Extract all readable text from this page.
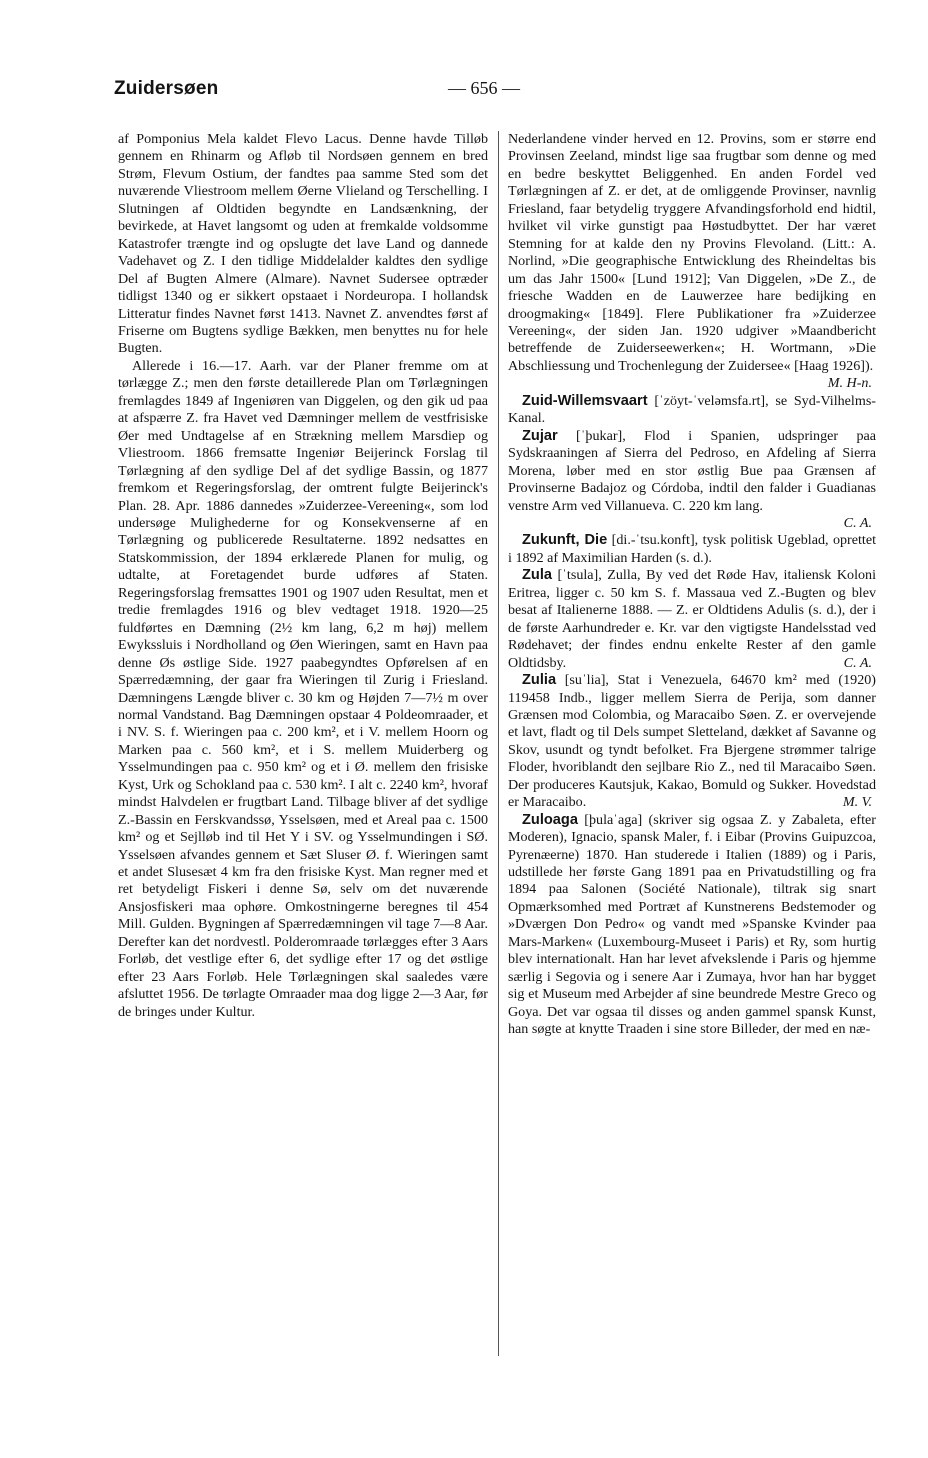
Zuidersøen	— 656 —

af Pomponius Mela kaldet Flevo Lacus. Denne havde Tilløb gennem en Rhinarm og Afløb til Nordsøen gennem en bred Strøm, Flevum Ostium, der fandtes paa samme Sted som det nuværende Vliestroom mellem Øerne Vlieland og Terschelling. I Slutningen af Oldtiden begyndte en Landsænkning, der bevirkede, at Havet langsomt og uden at fremkalde voldsomme Katastrofer trængte ind og opslugte det lave Land og dannede Vadehavet og Z. I den tidlige Middelalder kaldtes den sydlige Del af Bugten Almere (Almare). Navnet Sudersee optræder tidligst 1340 og er sikkert opstaaet i Nordeuropa. I hollandsk Litteratur findes Navnet først 1413. Navnet Z. anvendtes først af Friserne om Bugtens sydlige Bækken, men benyttes nu for hele Bugten.

Allerede i 16.—17. Aarh. var der Planer fremme om at tørlægge Z.; men den første detaillerede Plan om Tørlægningen fremlagdes 1849 af Ingeniøren van Diggelen, og den gik ud paa at afspærre Z. fra Havet ved Dæmninger mellem de vestfrisiske Øer med Undtagelse af en Strækning mellem Marsdiep og Vliestroom. 1866 fremsatte Ingeniør Beijerinck Forslag til Tørlægning af den sydlige Del af det sydlige Bassin, og 1877 fremkom et Regeringsforslag, der omtrent fulgte Beijerinck's Plan. 28. Apr. 1886 dannedes »Zuiderzee-Vereening«, som lod undersøge Mulighederne for og Konsekvenserne af en Tørlægning og publicerede Resultaterne. 1892 nedsattes en Statskommission, der 1894 erklærede Planen for mulig, og udtalte, at Foretagendet burde udføres af Staten. Regeringsforslag fremsattes 1901 og 1907 uden Resultat, men et tredie fremlagdes 1916 og blev vedtaget 1918. 1920—25 fuldførtes en Dæmning (2½ km lang, 6,2 m høj) mellem Ewykssluis i Nordholland og Øen Wieringen, samt en Havn paa denne Øs østlige Side. 1927 paabegyndtes Opførelsen af en Spærredæmning, der gaar fra Wieringen til Zurig i Friesland. Dæmningens Længde bliver c. 30 km og Højden 7—7½ m over normal Vandstand. Bag Dæmningen opstaar 4 Poldeomraader, et i NV. S. f. Wieringen paa c. 200 km², et i V. mellem Hoorn og Marken paa c. 560 km², et i S. mellem Muiderberg og Ysselmundingen paa c. 950 km² og et i Ø. mellem den frisiske Kyst, Urk og Schokland paa c. 530 km². I alt c. 2240 km², hvoraf mindst Halvdelen er frugtbart Land. Tilbage bliver af det sydlige Z.-Bassin en Ferskvandssø, Ysselsøen, med et Areal paa c. 1500 km² og et Sejlløb ind til Het Y i SV. og Ysselmundingen i SØ. Ysselsøen afvandes gennem et Sæt Sluser Ø. f. Wieringen samt et andet Slusesæt 4 km fra den frisiske Kyst. Man regner med et ret betydeligt Fiskeri i denne Sø, selv om det nuværende Ansjosfiskeri maa ophøre. Omkostningerne beregnes til 454 Mill. Gulden. Bygningen af Spærredæmningen vil tage 7—8 Aar. Derefter kan det nordvestl. Polderomraade tørlægges efter 3 Aars Forløb, det vestlige efter 6, det sydlige efter 17 og det østlige efter 23 Aars Forløb. Hele Tørlægningen skal saaledes være afsluttet 1956. De tørlagte Omraader maa dog ligge 2—3 Aar, før de bringes under Kultur.

Nederlandene vinder herved en 12. Provins, som er større end Provinsen Zeeland, mindst lige saa frugtbar som denne og med en bedre beskyttet Beliggenhed. En anden Fordel ved Tørlægningen af Z. er det, at de omliggende Provinser, navnlig Friesland, faar betydelig tryggere Afvandingsforhold end hidtil, hvilket vil virke gunstigt paa Høstudbyttet. Der har været Stemning for at kalde den ny Provins Flevoland. (Litt.: A. Norlind, »Die geographische Entwicklung des Rheindeltas bis um das Jahr 1500« [Lund 1912]; Van Diggelen, »De Z., de friesche Wadden en de Lauwerzee hare bedijking en droogmaking« [1849]. Flere Publikationer fra »Zuiderzee Vereening«, der siden Jan. 1920 udgiver »Maandbericht betreffende de Zuiderseewerken«; H. Wortmann, »Die Abschliessung und Trochenlegung der Zuidersee« [Haag 1926]).

M. H-n.

Zuid-Willemsvaart [ˈzöyt-ˈveləmsfa.rt], se Syd-Vilhelms-Kanal.

Zujar [ˈþukar], Flod i Spanien, udspringer paa Sydskraaningen af Sierra del Pedroso, en Afdeling af Sierra Morena, løber med en stor østlig Bue paa Grænsen af Provinserne Badajoz og Córdoba, indtil den falder i Guadianas venstre Arm ved Villanueva. C. 220 km lang.

C. A.

Zukunft, Die [di.-ˈtsu.konft], tysk politisk Ugeblad, oprettet i 1892 af Maximilian Harden (s. d.).

Zula [ˈtsula], Zulla, By ved det Røde Hav, italiensk Koloni Eritrea, ligger c. 50 km S. f. Massaua ved Z.-Bugten og blev besat af Italienerne 1888. — Z. er Oldtidens Adulis (s. d.), der i de første Aarhundreder e. Kr. var den vigtigste Handelsstad ved Rødehavet; der findes endnu enkelte Rester af den gamle Oldtidsby.	C. A.

Zulia [suˈlia], Stat i Venezuela, 64670 km² med (1920) 119458 Indb., ligger mellem Sierra de Perija, som danner Grænsen mod Colombia, og Maracaibo Søen. Z. er overvejende et lavt, fladt og til Dels sumpet Sletteland, dækket af Savanne og Skov, usundt og tyndt befolket. Fra Bjergene strømmer talrige Floder, hvoriblandt den sejlbare Rio Z., ned til Maracaibo Søen. Der produceres Kautsjuk, Kakao, Bomuld og Sukker. Hovedstad er Maracaibo.	M. V.

Zuloaga [þulaˈaga] (skriver sig ogsaa Z. y Zabaleta, efter Moderen), Ignacio, spansk Maler, f. i Eibar (Provins Guipuzcoa, Pyrenæerne) 1870. Han studerede i Italien (1889) og i Paris, udstillede her første Gang 1891 paa en Privatudstilling og fra 1894 paa Salonen (Société Nationale), tiltrak sig snart Opmærksomhed med Portræt af Kunstnerens Bedstemoder og »Dværgen Don Pedro« og vandt med »Spanske Kvinder paa Mars-Marken« (Luxembourg-Museet i Paris) et Ry, som hurtig blev internationalt. Han har levet afvekslende i Paris og hjemme særlig i Segovia og i senere Aar i Zumaya, hvor han har bygget sig et Museum med Arbejder af sine beundrede Mestre Greco og Goya. Det var ogsaa til disses og anden gammel spansk Kunst, han søgte at knytte Traaden i sine store Billeder, der med en næ-
